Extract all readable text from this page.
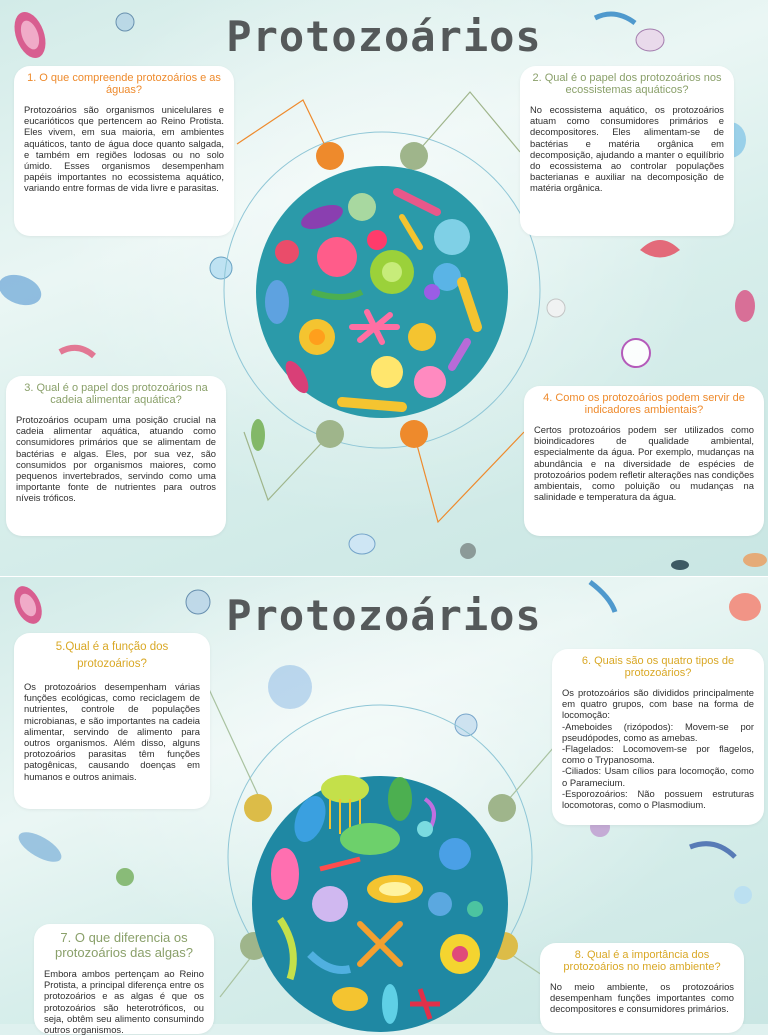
Protozoários
1. O que compreende protozoários e as águas?

Protozoários são organismos unicelulares e eucarióticos que pertencem ao Reino Protista. Eles vivem, em sua maioria, em ambientes aquáticos, tanto de água doce quanto salgada, e também em regiões lodosas ou no solo úmido. Esses organismos desempenham papéis importantes no ecossistema aquático, variando entre formas de vida livre e parasitas.

2. Qual é o papel dos protozoários nos ecossistemas aquáticos?

No ecossistema aquático, os protozoários atuam como consumidores primários e decompositores. Eles alimentam-se de bactérias e matéria orgânica em decomposição, ajudando a manter o equilíbrio do ecossistema ao controlar populações bacterianas e auxiliar na decomposição de matéria orgânica.

3. Qual é o papel dos protozoários na cadeia alimentar aquática?

Protozoários ocupam uma posição crucial na cadeia alimentar aquática, atuando como consumidores primários que se alimentam de bactérias e algas. Eles, por sua vez, são consumidos por organismos maiores, como pequenos invertebrados, servindo como uma importante fonte de nutrientes para outros níveis tróficos.

4. Como os protozoários podem servir de indicadores ambientais?

Certos protozoários podem ser utilizados como bioindicadores de qualidade ambiental, especialmente da água. Por exemplo, mudanças na abundância e na diversidade de espécies de protozoários podem refletir alterações nas condições ambientais, como poluição ou mudanças na salinidade e temperatura da água.

Protozoários
5.Qual é a função dos protozoários?

Os protozoários desempenham várias funções ecológicas, como reciclagem de nutrientes, controle de populações microbianas, e são importantes na cadeia alimentar, servindo de alimento para outros organismos. Além disso, alguns protozoários parasitas têm funções patogênicas, causando doenças em humanos e outros animais.

6. Quais são os quatro tipos de protozoários?

Os protozoários são divididos principalmente em quatro grupos, com base na forma de locomoção:
-Ameboides (rizópodos): Movem-se por pseudópodes, como as amebas.
-Flagelados: Locomovem-se por flagelos, como o Trypanosoma.
-Ciliados: Usam cílios para locomoção, como o Paramecium.
-Esporozoários: Não possuem estruturas locomotoras, como o Plasmodium.

7. O que diferencia os protozoários das algas?

Embora ambos pertençam ao Reino Protista, a principal diferença entre os protozoários e as algas é que os protozoários são heterotróficos, ou seja, obtêm seu alimento consumindo outros organismos.

8. Qual é a importância dos protozoários no meio ambiente?

No meio ambiente, os protozoários desempenham funções importantes como decompositores e consumidores primários.
